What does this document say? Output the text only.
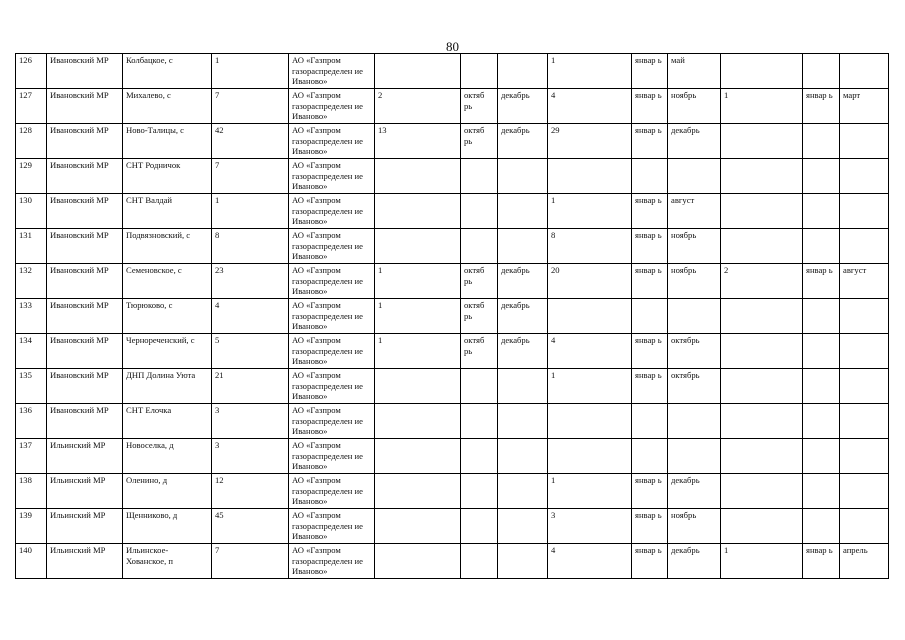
80
126	Ивановский МР	Колбацкое, с	1	АО «Газпром газораспределен ие Иваново»				1	январ ь	май			
127	Ивановский МР	Михалево, с	7	АО «Газпром газораспределен ие Иваново»	2	октяб рь	декабрь	4	январ ь	ноябрь	1	январ ь	март
128	Ивановский МР	Ново-Талицы, с	42	АО «Газпром газораспределен ие Иваново»	13	октяб рь	декабрь	29	январ ь	декабрь			
129	Ивановский МР	СНТ Родничок	7	АО «Газпром газораспределен ие Иваново»									
130	Ивановский МР	СНТ Валдай	1	АО «Газпром газораспределен ие Иваново»				1	январ ь	август			
131	Ивановский МР	Подвязновский, с	8	АО «Газпром газораспределен ие Иваново»				8	январ ь	ноябрь			
132	Ивановский МР	Семеновское, с	23	АО «Газпром газораспределен ие Иваново»	1	октяб рь	декабрь	20	январ ь	ноябрь	2	январ ь	август
133	Ивановский МР	Тюрюково, с	4	АО «Газпром газораспределен ие Иваново»	1	октяб рь	декабрь						
134	Ивановский МР	Чернореченский, с	5	АО «Газпром газораспределен ие Иваново»	1	октяб рь	декабрь	4	январ ь	октябрь			
135	Ивановский МР	ДНП Долина Уюта	21	АО «Газпром газораспределен ие Иваново»				1	январ ь	октябрь			
136	Ивановский МР	СНТ Елочка	3	АО «Газпром газораспределен ие Иваново»									
137	Ильинский МР	Новоселка, д	3	АО «Газпром газораспределен ие Иваново»									
138	Ильинский МР	Оленино, д	12	АО «Газпром газораспределен ие Иваново»				1	январ ь	декабрь			
139	Ильинский МР	Щенниково, д	45	АО «Газпром газораспределен ие Иваново»				3	январ ь	ноябрь			
140	Ильинский МР	Ильинское-Хованское, п	7	АО «Газпром газораспределен ие Иваново»				4	январ ь	декабрь	1	январ ь	апрель
